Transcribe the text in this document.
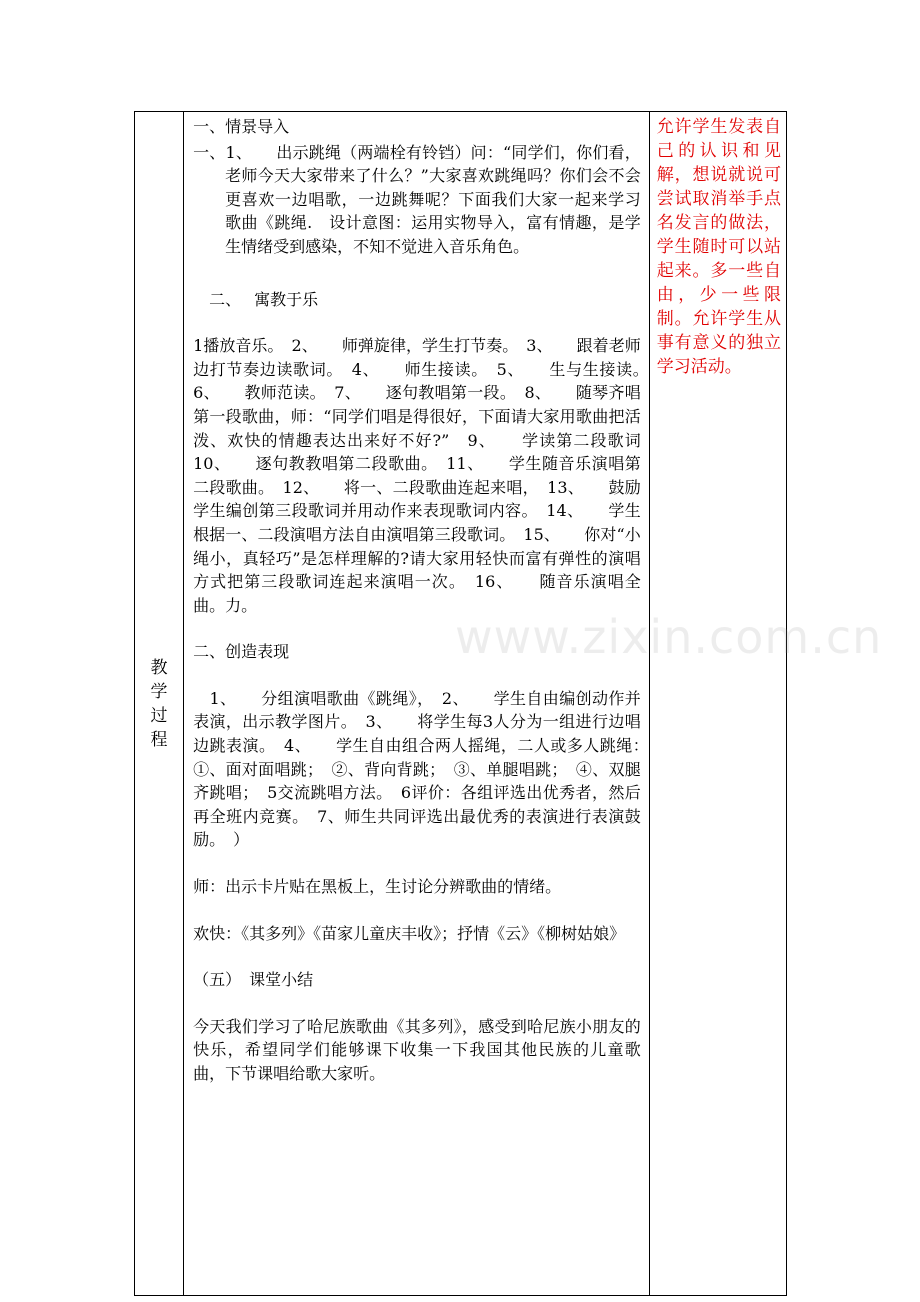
教学过程	

一、情景导入

一、1、　　出示跳绳（两端栓有铃铛）问：“同学们，你们看，老师今天大家带来了什么？”大家喜欢跳绳吗？你们会不会更喜欢一边唱歌，一边跳舞呢？下面我们大家一起来学习歌曲《跳绳.　设计意图：运用实物导入，富有情趣，是学生情绪受到感染，不知不觉进入音乐角色。

　二、　 寓教于乐

1播放音乐。　2、　　师弹旋律，学生打节奏。　3、　　跟着老师边打节奏边读歌词。　4、　　师生接读。　5、　　生与生接读。　6、　　教师范读。　7、　　逐句教唱第一段。　8、　　随琴齐唱第一段歌曲，师：“同学们唱是得很好，下面请大家用歌曲把活泼、欢快的情趣表达出来好不好?”　9、　　学读第二段歌词　10、　　逐句教教唱第二段歌曲。　11、　　学生随音乐演唱第二段歌曲。　12、　　将一、二段歌曲连起来唱，　13、　　鼓励学生编创第三段歌词并用动作来表现歌词内容。　14、　　学生根据一、二段演唱方法自由演唱第三段歌词。　15、　　你对“小绳小，真轻巧”是怎样理解的?请大家用轻快而富有弹性的演唱方式把第三段歌词连起来演唱一次。　16、　　随音乐演唱全曲。力。

二、创造表现

　1、　　分组演唱歌曲《跳绳》，　2、　　学生自由编创动作并表演，出示教学图片。　3、　　将学生每3人分为一组进行边唱边跳表演。　4、　　学生自由组合两人摇绳，二人或多人跳绳：　①、面对面唱跳；　②、背向背跳；　③、单腿唱跳；　④、双腿齐跳唱；　5交流跳唱方法。　6评价：各组评选出优秀者，然后再全班内竞赛。　7、师生共同评选出最优秀的表演进行表演鼓励。　）

师：出示卡片贴在黑板上，生讨论分辨歌曲的情绪。

欢快：《其多列》《苗家儿童庆丰收》；抒情《云》《柳树姑娘》

（五）　课堂小结

今天我们学习了哈尼族歌曲《其多列》，感受到哈尼族小朋友的快乐，希望同学们能够课下收集一下我国其他民族的儿童歌曲，下节课唱给歌大家听。

允许学生发表自己的认识和见解，想说就说可尝试取消举手点名发言的做法，学生随时可以站起来。多一些自由，少一些限制。允许学生从事有意义的独立学习活动。

www.zixin.com.cn
